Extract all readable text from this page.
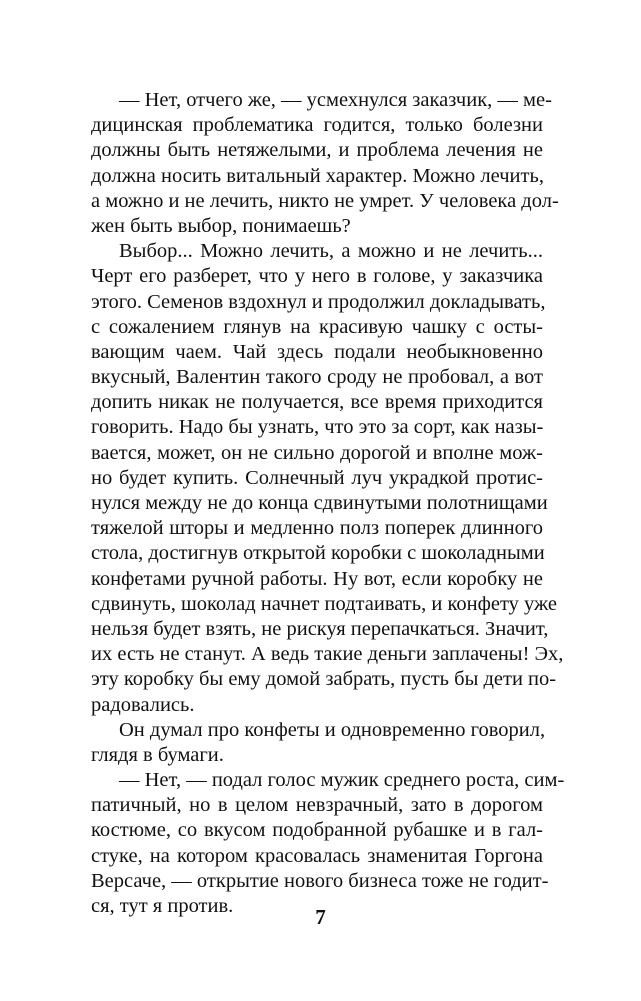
— Нет, отчего же, — усмехнулся заказчик, — ме-
дицинская проблематика годится, только болезни
должны быть нетяжелыми, и проблема лечения не
должна носить витальный характер. Можно лечить,
а можно и не лечить, никто не умрет. У человека дол-
жен быть выбор, понимаешь?
Выбор... Можно лечить, а можно и не лечить...
Черт его разберет, что у него в голове, у заказчика
этого. Семенов вздохнул и продолжил докладывать,
с сожалением глянув на красивую чашку с осты-
вающим чаем. Чай здесь подали необыкновенно
вкусный, Валентин такого сроду не пробовал, а вот
допить никак не получается, все время приходится
говорить. Надо бы узнать, что это за сорт, как назы-
вается, может, он не сильно дорогой и вполне мож-
но будет купить. Солнечный луч украдкой протис-
нулся между не до конца сдвинутыми полотнищами
тяжелой шторы и медленно полз поперек длинного
стола, достигнув открытой коробки с шоколадными
конфетами ручной работы. Ну вот, если коробку не
сдвинуть, шоколад начнет подтаивать, и конфету уже
нельзя будет взять, не рискуя перепачкаться. Значит,
их есть не станут. А ведь такие деньги заплачены! Эх,
эту коробку бы ему домой забрать, пусть бы дети по-
радовались.
Он думал про конфеты и одновременно говорил,
глядя в бумаги.
— Нет, — подал голос мужик среднего роста, сим-
патичный, но в целом невзрачный, зато в дорогом
костюме, со вкусом подобранной рубашке и в гал-
стуке, на котором красовалась знаменитая Горгона
Версаче, — открытие нового бизнеса тоже не годит-
ся, тут я против.	7
